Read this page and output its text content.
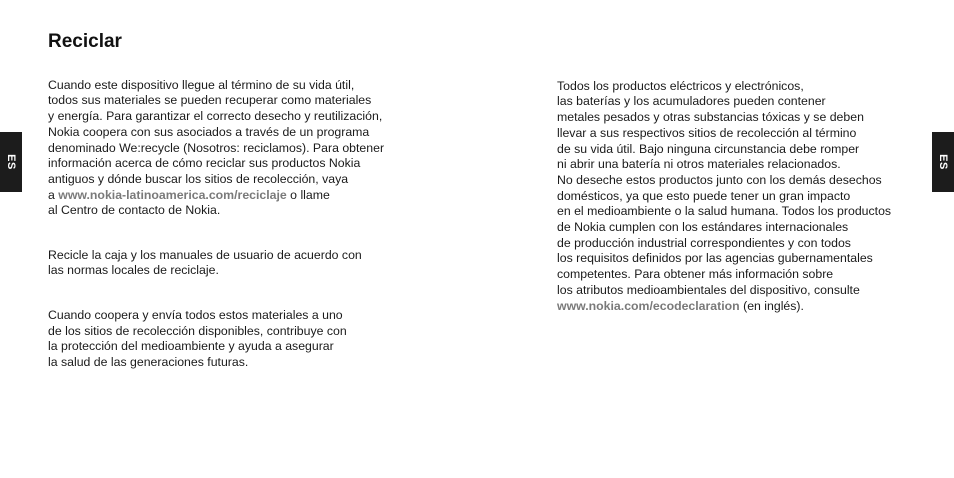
ES
Reciclar

Cuando este dispositivo llegue al término de su vida útil,
todos sus materiales se pueden recuperar como materiales
y energía. Para garantizar el correcto desecho y reutilización,
Nokia coopera con sus asociados a través de un programa
denominado We:recycle (Nosotros: reciclamos). Para obtener
información acerca de cómo reciclar sus productos Nokia
antiguos y dónde buscar los sitios de recolección, vaya
a www.nokia-latinoamerica.com/reciclaje o llame
al Centro de contacto de Nokia.

Recicle la caja y los manuales de usuario de acuerdo con
las normas locales de reciclaje.

Cuando coopera y envía todos estos materiales a uno
de los sitios de recolección disponibles, contribuye con
la protección del medioambiente y ayuda a asegurar
la salud de las generaciones futuras.

Todos los productos eléctricos y electrónicos,
las baterías y los acumuladores pueden contener
metales pesados y otras substancias tóxicas y se deben
llevar a sus respectivos sitios de recolección al término
de su vida útil. Bajo ninguna circunstancia debe romper
ni abrir una batería ni otros materiales relacionados.
No deseche estos productos junto con los demás desechos
domésticos, ya que esto puede tener un gran impacto
en el medioambiente o la salud humana. Todos los productos
de Nokia cumplen con los estándares internacionales
de producción industrial correspondientes y con todos
los requisitos definidos por las agencias gubernamentales
competentes. Para obtener más información sobre
los atributos medioambientales del dispositivo, consulte
www.nokia.com/ecodeclaration (en inglés).

ES
